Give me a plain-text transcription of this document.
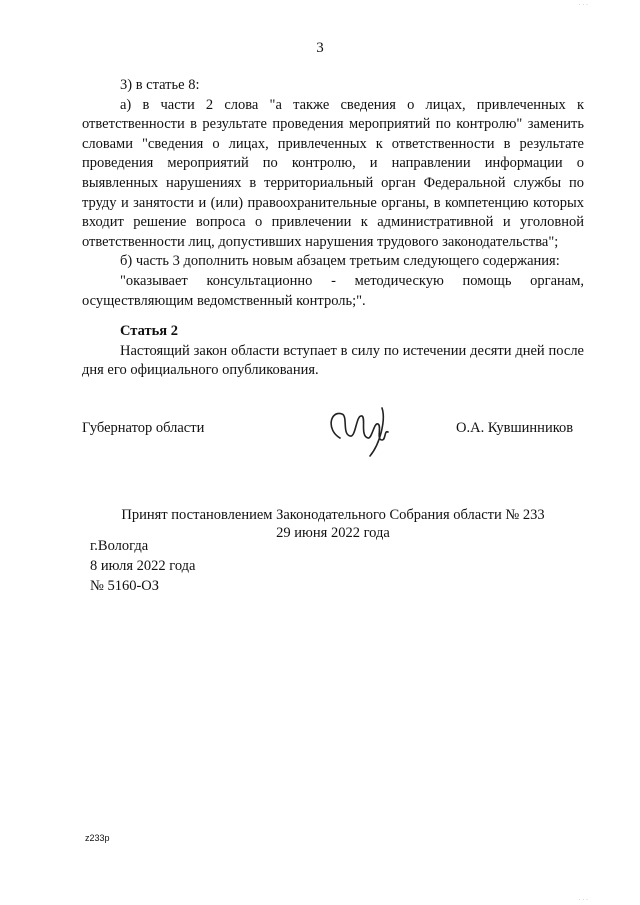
3

3) в статье 8:

а) в части 2 слова "а также сведения о лицах, привлеченных к ответственности в результате проведения мероприятий по контролю" заменить словами "сведения о лицах, привлеченных к ответственности в результате проведения мероприятий по контролю, и направлении информации о выявленных нарушениях в территориальный орган Федеральной службы по труду и занятости и (или) правоохранительные органы, в компетенцию которых входит решение вопроса о привлечении к административной и уголовной ответственности лиц, допустивших нарушения трудового законодательства";

б) часть 3 дополнить новым абзацем третьим следующего содержания:

"оказывает консультационно - методическую помощь органам, осуществляющим ведомственный контроль;".

Статья 2

Настоящий закон области вступает в силу по истечении десяти дней после дня его официального опубликования.

Губернатор области	О.А. Кувшинников
Принят постановлением Законодательного Собрания области № 233
29 июня 2022 года
г.Вологда
8 июля 2022 года
№ 5160-ОЗ
z233р
· · ·
· · ·
